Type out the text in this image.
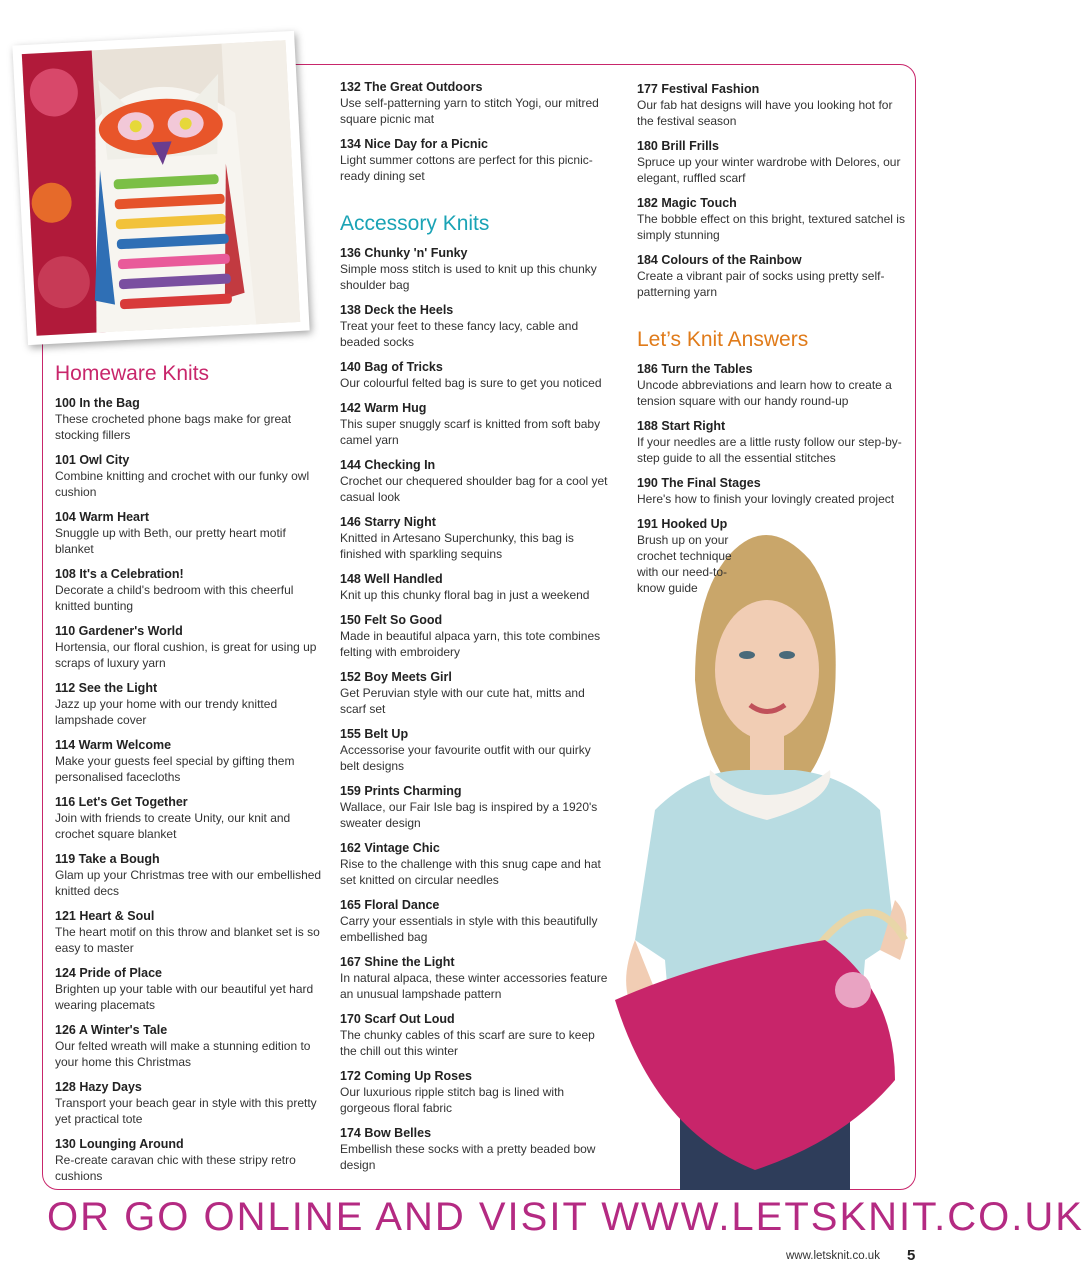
Homeware Knits
100 In the Bag
These crocheted phone bags make for great stocking fillers
101 Owl City
Combine knitting and crochet with our funky owl cushion
104 Warm Heart
Snuggle up with Beth, our pretty heart motif blanket
108 It's a Celebration!
Decorate a child's bedroom with this cheerful knitted bunting
110 Gardener's World
Hortensia, our floral cushion, is great for using up scraps of luxury yarn
112 See the Light
Jazz up your home with our trendy knitted lampshade cover
114 Warm Welcome
Make your guests feel special by gifting them personalised facecloths
116 Let's Get Together
Join with friends to create Unity, our knit and crochet square blanket
119 Take a Bough
Glam up your Christmas tree with our embellished knitted decs
121 Heart & Soul
The heart motif on this throw and blanket set is so easy to master
124 Pride of Place
Brighten up your table with our beautiful yet hard wearing placemats
126 A Winter's Tale
Our felted wreath will make a stunning edition to your home this Christmas
128 Hazy Days
Transport your beach gear in style with this pretty yet practical tote
130 Lounging Around
Re-create caravan chic with these stripy retro cushions
132 The Great Outdoors
Use self-patterning yarn to stitch Yogi, our mitred square picnic mat
134 Nice Day for a Picnic
Light summer cottons are perfect for this picnic-ready dining set
Accessory Knits
136 Chunky 'n' Funky
Simple moss stitch is used to knit up this chunky shoulder bag
138 Deck the Heels
Treat your feet to these fancy lacy, cable and beaded socks
140 Bag of Tricks
Our colourful felted bag is sure to get you noticed
142 Warm Hug
This super snuggly scarf is knitted from soft baby camel yarn
144 Checking In
Crochet our chequered shoulder bag for a cool yet casual look
146 Starry Night
Knitted in Artesano Superchunky, this bag is finished with sparkling sequins
148 Well Handled
Knit up this chunky floral bag in just a weekend
150 Felt So Good
Made in beautiful alpaca yarn, this tote combines felting with embroidery
152 Boy Meets Girl
Get Peruvian style with our cute hat, mitts and scarf set
155 Belt Up
Accessorise your favourite outfit with our quirky belt designs
159 Prints Charming
Wallace, our Fair Isle bag is inspired by a 1920's sweater design
162 Vintage Chic
Rise to the challenge with this snug cape and hat set knitted on circular needles
165 Floral Dance
Carry your essentials in style with this beautifully embellished bag
167 Shine the Light
In natural alpaca, these winter accessories feature an unusual lampshade pattern
170 Scarf Out Loud
The chunky cables of this scarf are sure to keep the chill out this winter
172 Coming Up Roses
Our luxurious ripple stitch bag is lined with gorgeous floral fabric
174 Bow Belles
Embellish these socks with a pretty beaded bow design
177 Festival Fashion
Our fab hat designs will have you looking hot for the festival season
180 Brill Frills
Spruce up your winter wardrobe with Delores, our elegant, ruffled scarf
182 Magic Touch
The bobble effect on this bright, textured satchel is simply stunning
184 Colours of the Rainbow
Create a vibrant pair of socks using pretty self-patterning yarn
Let’s Knit Answers
186 Turn the Tables
Uncode abbreviations and learn how to create a tension square with our handy round-up
188 Start Right
If your needles are a little rusty follow our step-by-step guide to all the essential stitches
190 The Final Stages
Here's how to finish your lovingly created project
191 Hooked Up
Brush up on your crochet technique with our need-to-know guide
OR GO ONLINE AND VISIT WWW.LETSKNIT.CO.UK
www.letsknit.co.uk 5
